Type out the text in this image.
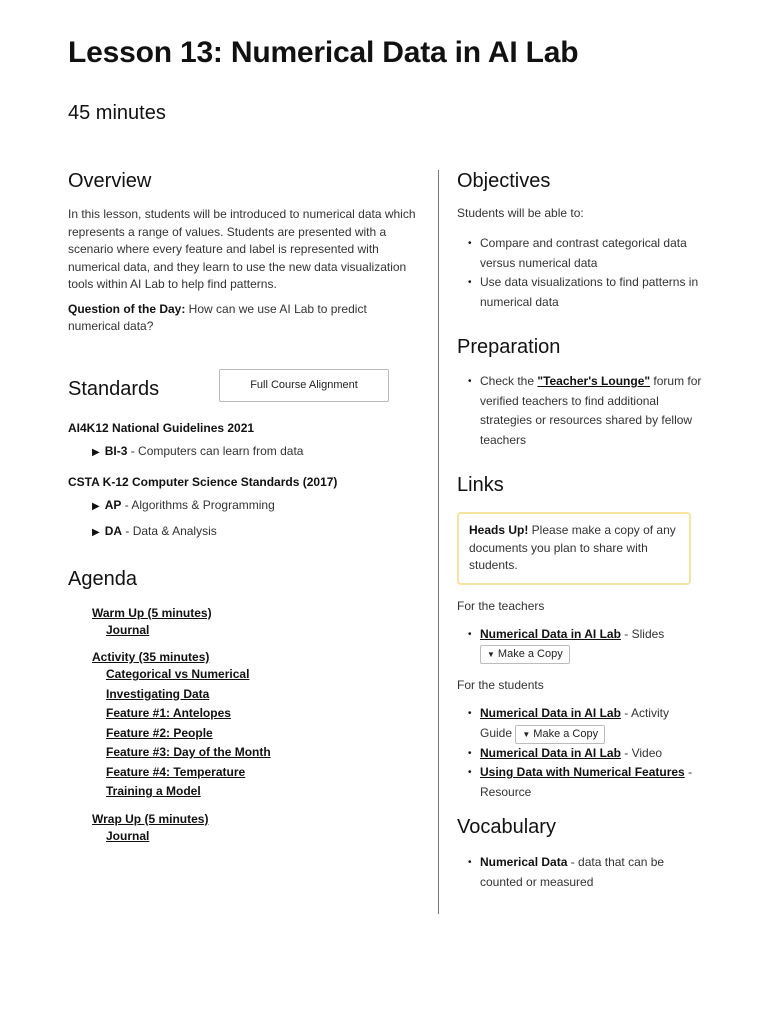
Lesson 13: Numerical Data in AI Lab
45 minutes
Overview

In this lesson, students will be introduced to numerical data which represents a range of values. Students are presented with a scenario where every feature and label is represented with numerical data, and they learn to use the new data visualization tools within AI Lab to help find patterns.

Question of the Day: How can we use AI Lab to predict numerical data?

Standards	Full Course Alignment
AI4K12 National Guidelines 2021
▶ BI-3 - Computers can learn from data
CSTA K-12 Computer Science Standards (2017)
▶ AP - Algorithms & Programming
▶ DA - Data & Analysis
Agenda
Warm Up (5 minutes)
Journal
Activity (35 minutes)
Categorical vs Numerical
Investigating Data
Feature #1: Antelopes
Feature #2: People
Feature #3: Day of the Month
Feature #4: Temperature
Training a Model
Wrap Up (5 minutes)
Journal
Objectives

Students will be able to:

• Compare and contrast categorical data versus numerical data
• Use data visualizations to find patterns in numerical data
Preparation
• Check the "Teacher's Lounge" forum for verified teachers to find additional strategies or resources shared by fellow teachers
Links
Heads Up! Please make a copy of any documents you plan to share with students.

For the teachers

• Numerical Data in AI Lab - Slides
▼ Make a Copy

For the students

• Numerical Data in AI Lab - Activity Guide ▼ Make a Copy
• Numerical Data in AI Lab - Video
• Using Data with Numerical Features - Resource
Vocabulary
• Numerical Data - data that can be counted or measured
